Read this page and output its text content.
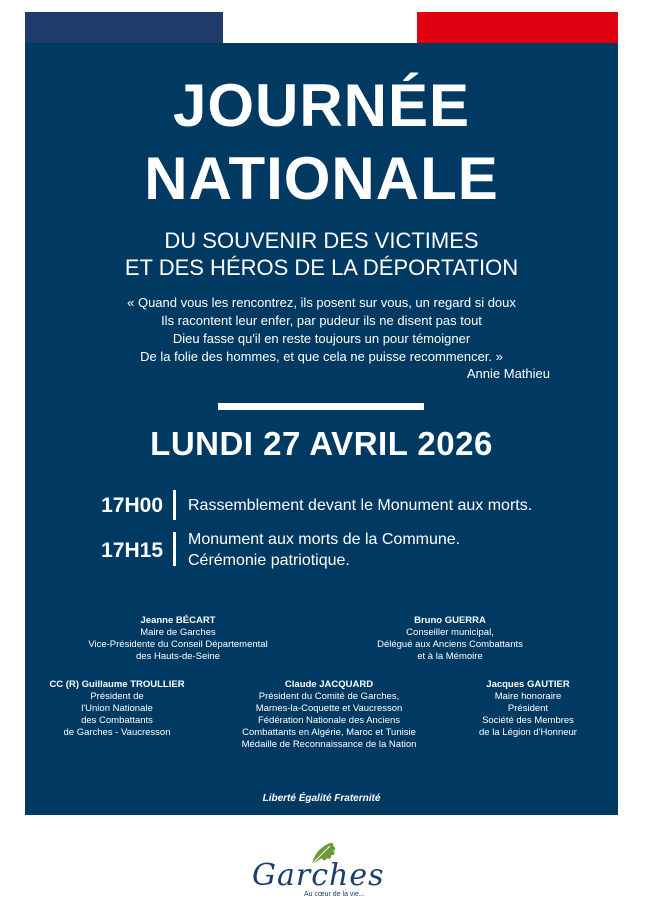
JOURNÉE
NATIONALE
DU SOUVENIR DES VICTIMES
ET DES HÉROS DE LA DÉPORTATION
« Quand vous les rencontrez, ils posent sur vous, un regard si doux
Ils racontent leur enfer, par pudeur ils ne disent pas tout
Dieu fasse qu'il en reste toujours un pour témoigner
De la folie des hommes, et que cela ne puisse recommencer. »
Annie Mathieu
LUNDI 27 AVRIL 2026
17H00 Rassemblement devant le Monument aux morts.
17H15 Monument aux morts de la Commune.
Cérémonie patriotique.
Jeanne BÉCART
Maire de Garches
Vice-Présidente du Conseil Départemental
des Hauts-de-Seine
Bruno GUERRA
Conseiller municipal,
Délégué aux Anciens Combattants
et à la Mémoire
CC (R) Guillaume TROULLIER
Président de
l'Union Nationale
des Combattants
de Garches - Vaucresson
Claude JACQUARD
Président du Comité de Garches,
Marnes-la-Coquette et Vaucresson
Fédération Nationale des Anciens
Combattants en Algérie, Maroc et Tunisie
Médaille de Reconnaissance de la Nation
Jacques GAUTIER
Maire honoraire
Président
Société des Membres
de la Légion d'Honneur
Liberté Égalité Fraternité
Garches
Au cœur de la vie...
